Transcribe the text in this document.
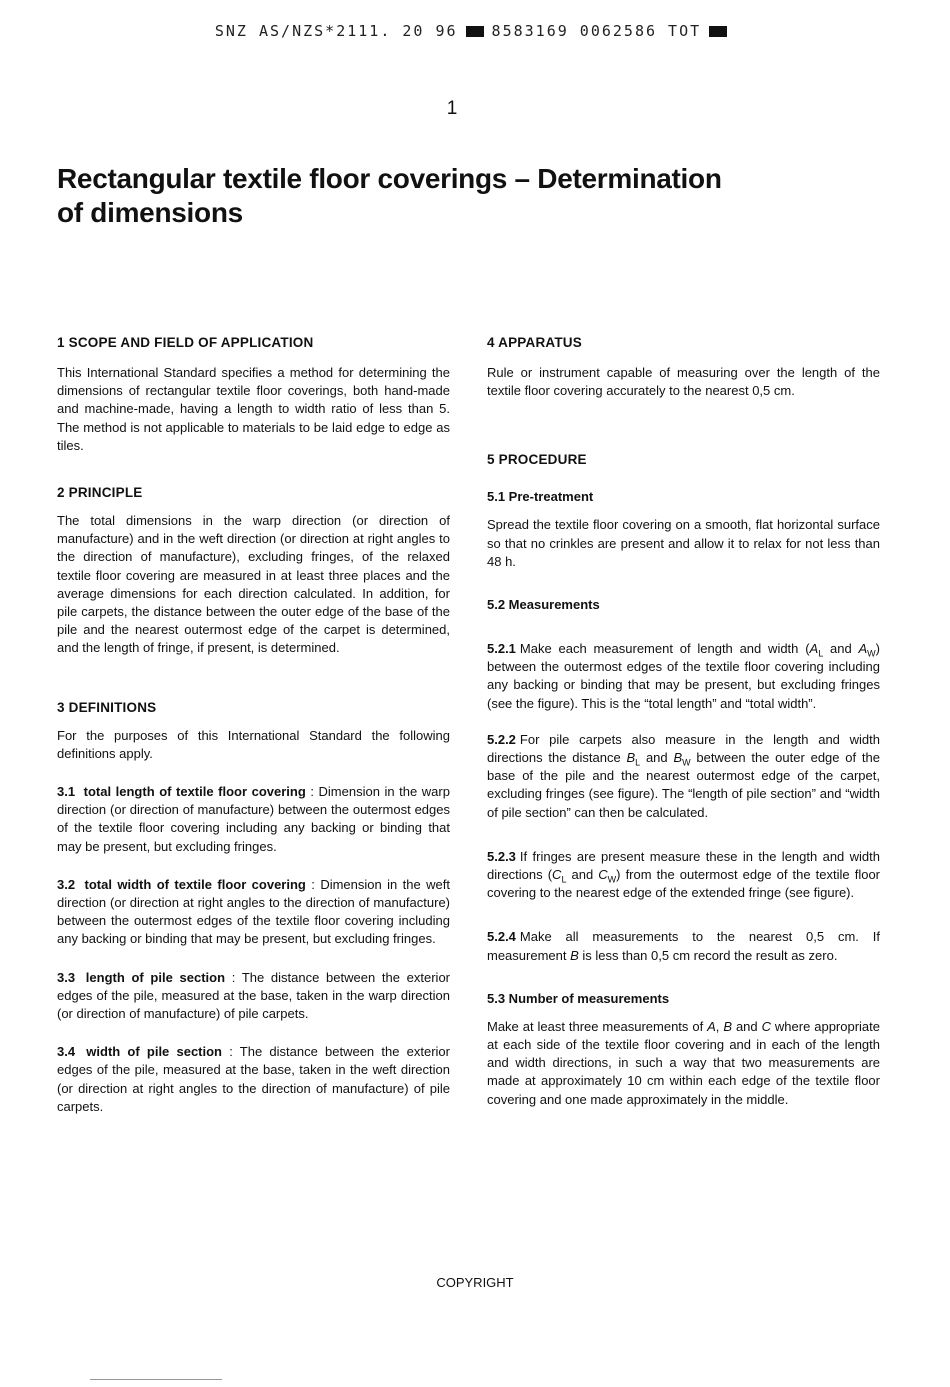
SNZ AS/NZS*2111. 20 96 8583169 0062586 TOT
1
Rectangular textile floor coverings – Determination
of dimensions
1 SCOPE AND FIELD OF APPLICATION

This International Standard specifies a method for determining the dimensions of rectangular textile floor coverings, both hand-made and machine-made, having a length to width ratio of less than 5. The method is not applicable to materials to be laid edge to edge as tiles.

2 PRINCIPLE

The total dimensions in the warp direction (or direction of manufacture) and in the weft direction (or direction at right angles to the direction of manufacture), excluding fringes, of the relaxed textile floor covering are measured in at least three places and the average dimensions for each direction calculated. In addition, for pile carpets, the distance between the outer edge of the base of the pile and the nearest outermost edge of the carpet is determined, and the length of fringe, if present, is determined.

3 DEFINITIONS

For the purposes of this International Standard the following definitions apply.

3.1 total length of textile floor covering : Dimension in the warp direction (or direction of manufacture) between the outermost edges of the textile floor covering including any backing or binding that may be present, but excluding fringes.

3.2 total width of textile floor covering : Dimension in the weft direction (or direction at right angles to the direction of manufacture) between the outermost edges of the textile floor covering including any backing or binding that may be present, but excluding fringes.

3.3 length of pile section : The distance between the exterior edges of the pile, measured at the base, taken in the warp direction (or direction of manufacture) of pile carpets.

3.4 width of pile section : The distance between the exterior edges of the pile, measured at the base, taken in the weft direction (or direction at right angles to the direction of manufacture) of pile carpets.

4 APPARATUS

Rule or instrument capable of measuring over the length of the textile floor covering accurately to the nearest 0,5 cm.

5 PROCEDURE
5.1 Pre-treatment

Spread the textile floor covering on a smooth, flat horizontal surface so that no crinkles are present and allow it to relax for not less than 48 h.

5.2 Measurements

5.2.1 Make each measurement of length and width ($A_L$ and $A_W$) between the outermost edges of the textile floor covering including any backing or binding that may be present, but excluding fringes (see the figure). This is the “total length” and “total width”.

5.2.2 For pile carpets also measure in the length and width directions the distance $B_L$ and $B_W$ between the outer edge of the base of the pile and the nearest outermost edge of the carpet, excluding fringes (see figure). The “length of pile section” and “width of pile section” can then be calculated.

5.2.3 If fringes are present measure these in the length and width directions ($C_L$ and $C_W$) from the outermost edge of the textile floor covering to the nearest edge of the extended fringe (see figure).

5.2.4 Make all measurements to the nearest 0,5 cm. If measurement B is less than 0,5 cm record the result as zero.

5.3 Number of measurements

Make at least three measurements of A, B and C where appropriate at each side of the textile floor covering and in each of the length and width directions, in such a way that two measurements are made at approximately 10 cm within each edge of the textile floor covering and one made approximately in the middle.

COPYRIGHT
